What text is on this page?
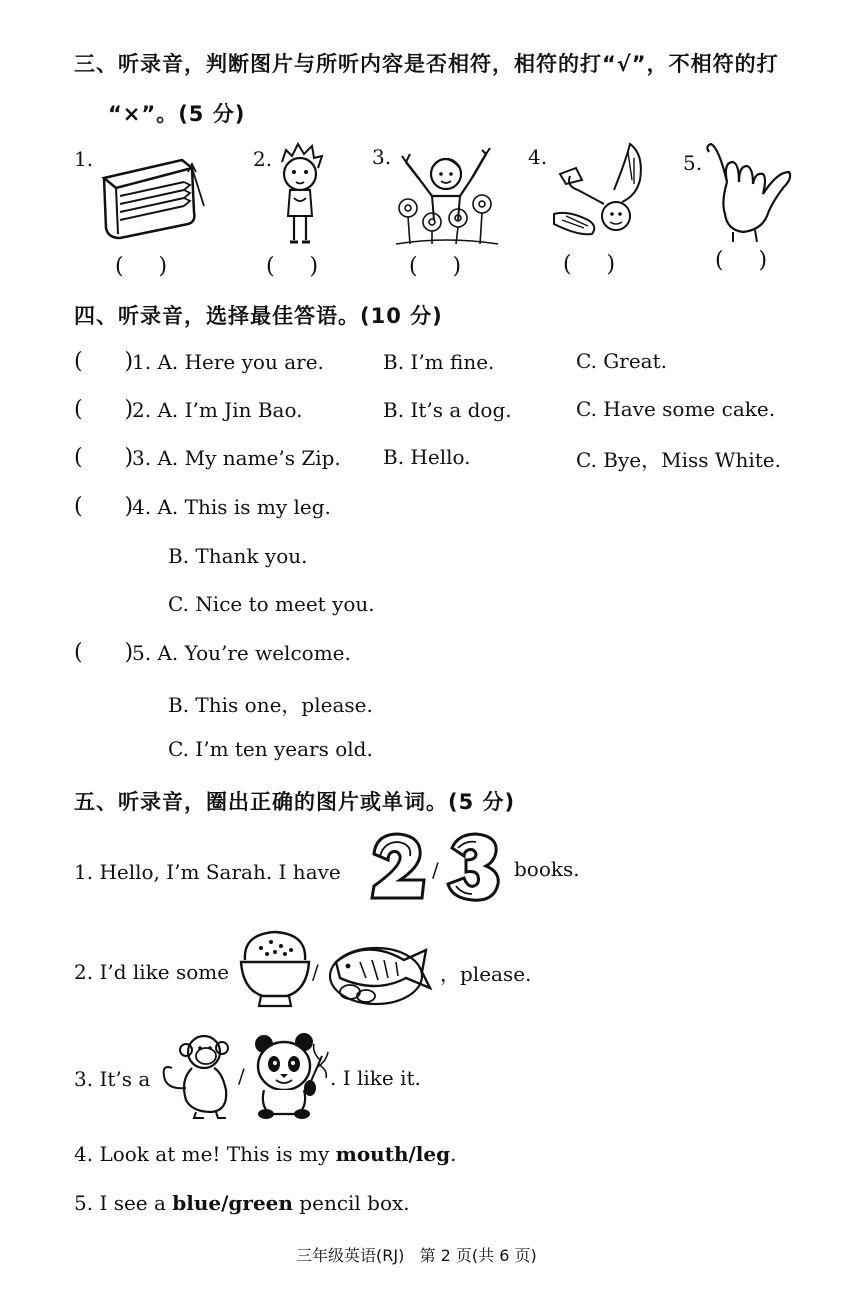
三、听录音，判断图片与所听内容是否相符，相符的打“√”，不相符的打
“×”。(5 分)
1.
(     )
2.
(     )
3.
(     )
4.
(     )
5.
(     )
四、听录音，选择最佳答语。(10 分)
(      )
1. A. Here you are.	B. I’m fine.	C. Great.
(      )
2. A. I’m Jin Bao.	B. It’s a dog.	C. Have some cake.
(      )
3. A. My name’s Zip. B. Hello.	C. Bye，Miss White.
(      )
4. A. This is my leg.
B. Thank you.
C. Nice to meet you.
(      )
5. A. You’re welcome.
B. This one，please.
C. I’m ten years old.
五、听录音，圈出正确的图片或单词。(5 分)
1. Hello, I’m Sarah. I have	/	books.
2. I’d like some	/	，please.
3. It’s a	/	. I like it.
4. Look at me! This is my mouth/leg.
5. I see a blue/green pencil box.
三年级英语(RJ)   第 2 页(共 6 页)
